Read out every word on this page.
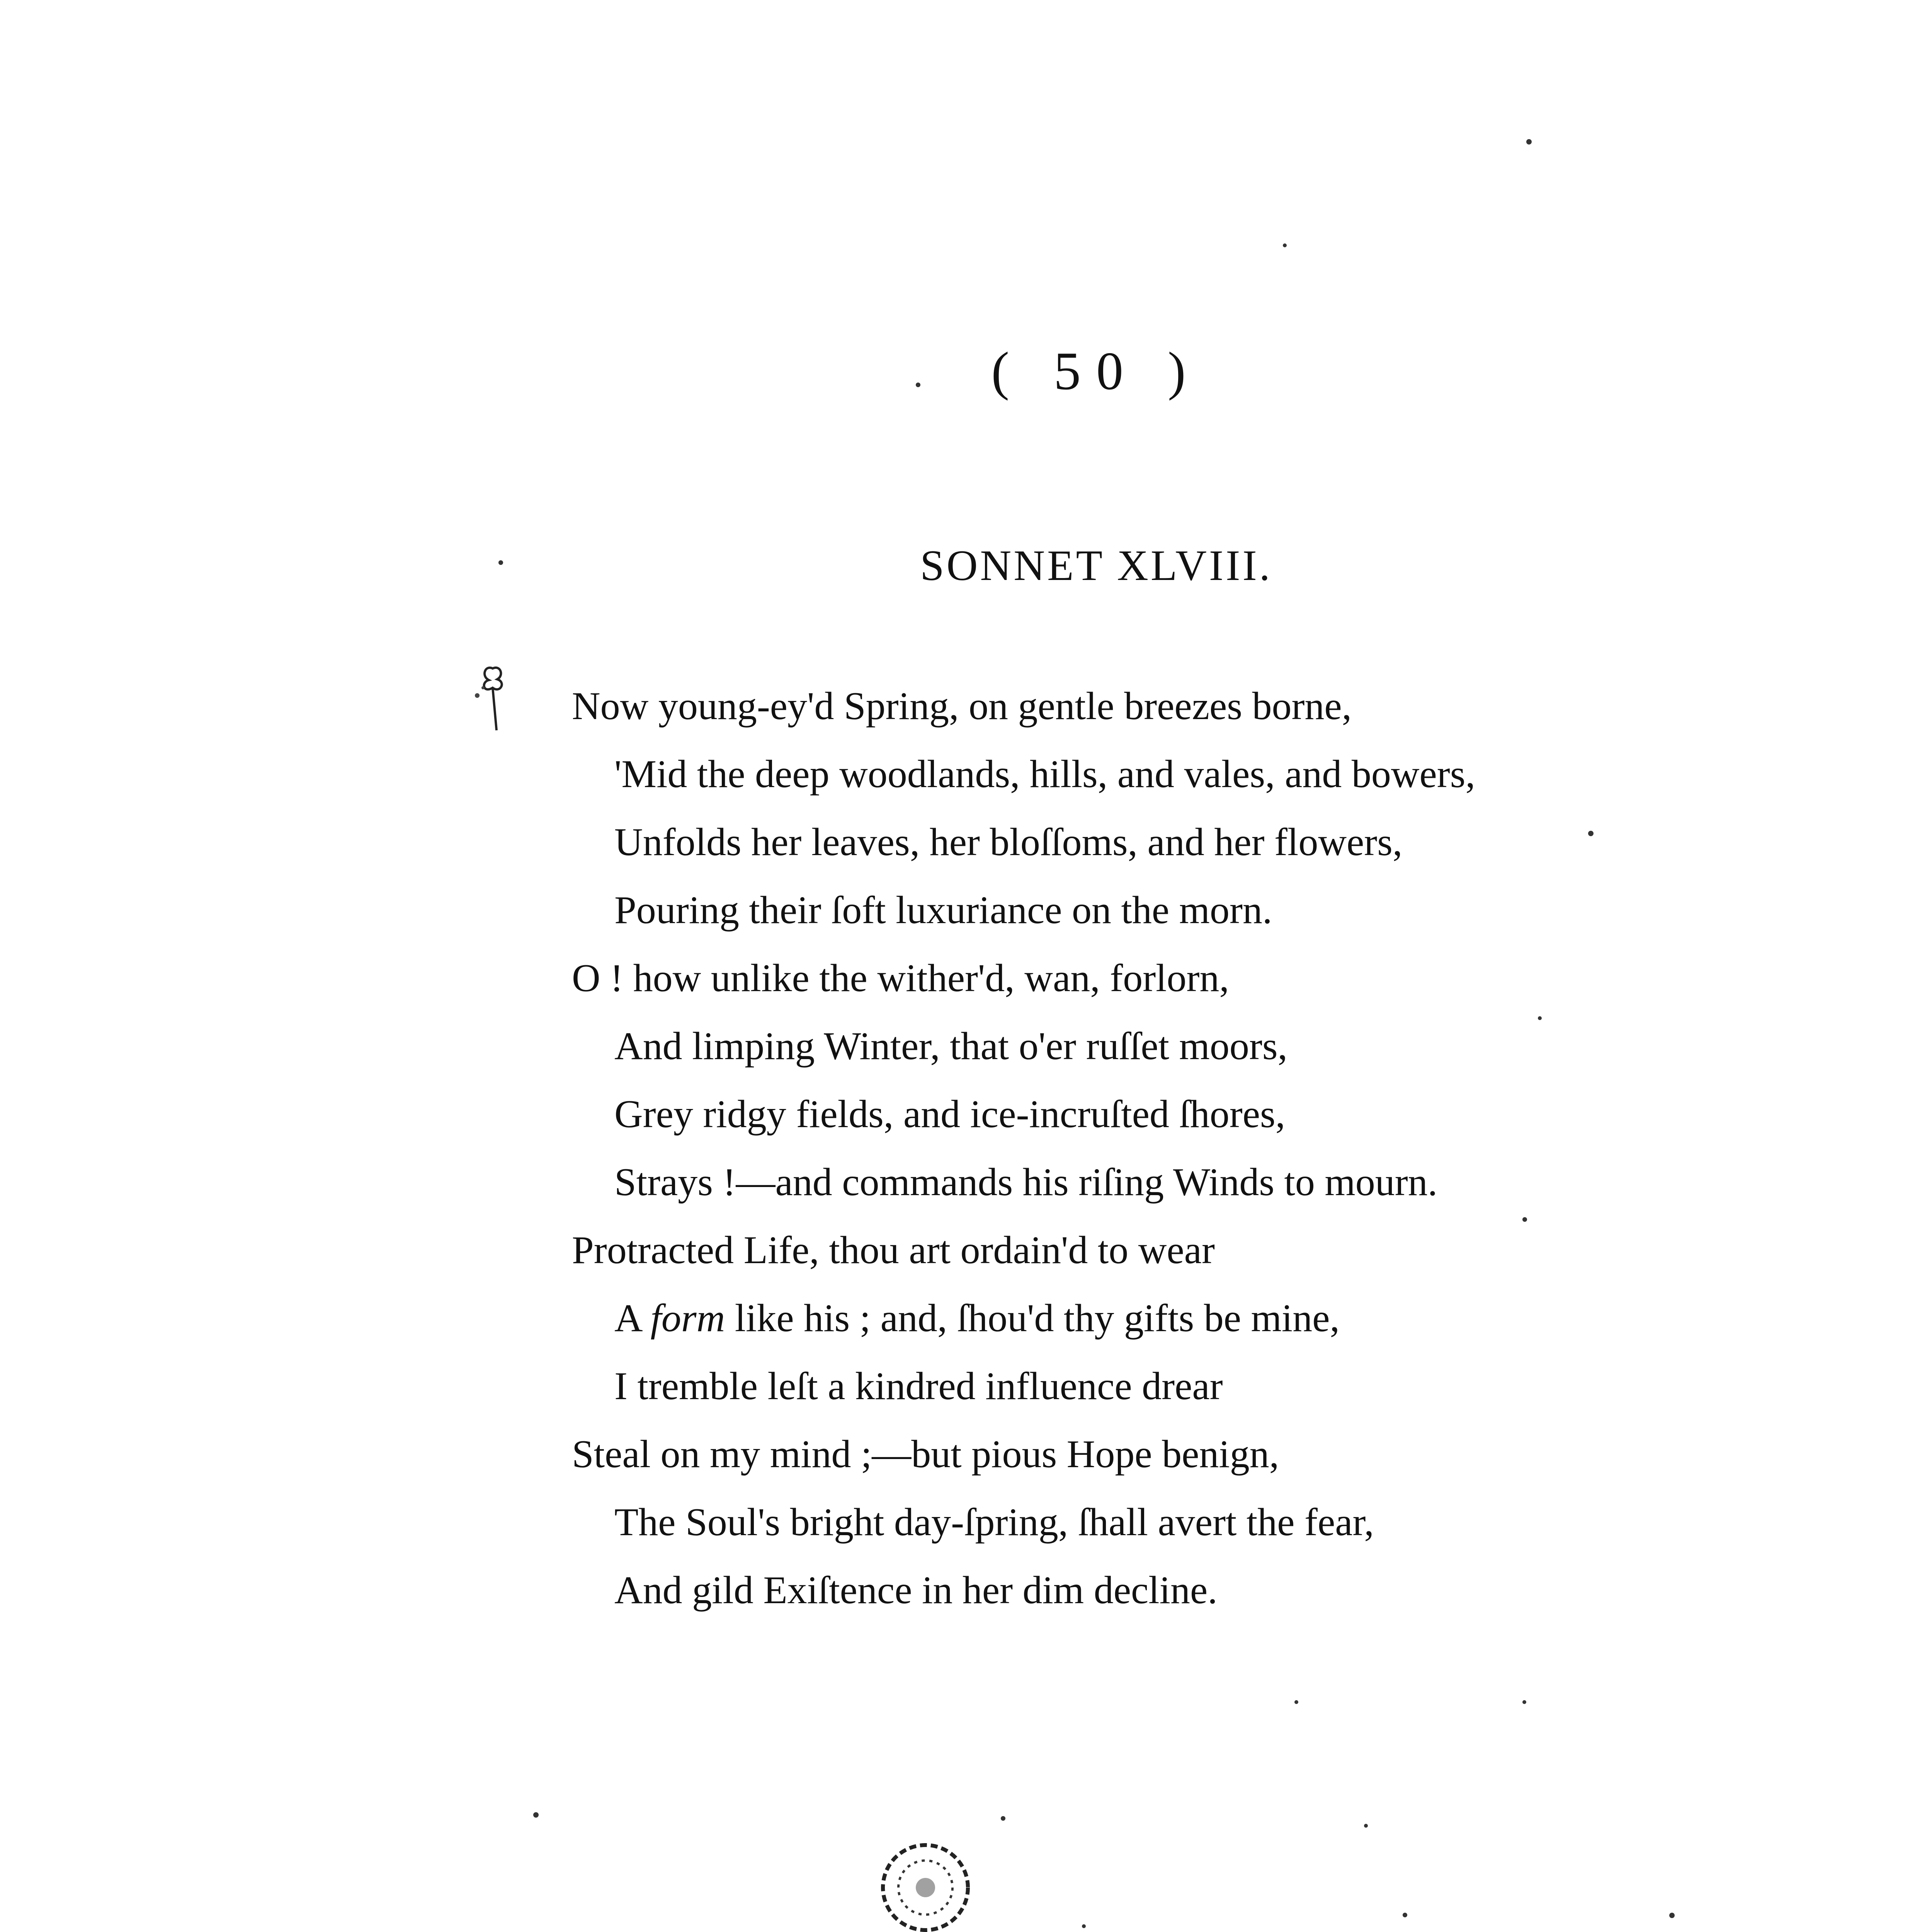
( 50 )
SONNET XLVIII.
Now young-ey'd Spring, on gentle breezes borne,
'Mid the deep woodlands, hills, and vales, and bowers,
Unfolds her leaves, her bloſſoms, and her flowers,
Pouring their ſoft luxuriance on the morn.
O ! how unlike the wither'd, wan, forlorn,
And limping Winter, that o'er ruſſet moors,
Grey ridgy fields, and ice-incruſted ſhores,
Strays !—and commands his riſing Winds to mourn.
Protracted Life, thou art ordain'd to wear
A form like his ; and, ſhou'd thy gifts be mine,
I tremble leſt a kindred influence drear
Steal on my mind ;—but pious Hope benign,
The Soul's bright day-ſpring, ſhall avert the fear,
And gild Exiſtence in her dim decline.
